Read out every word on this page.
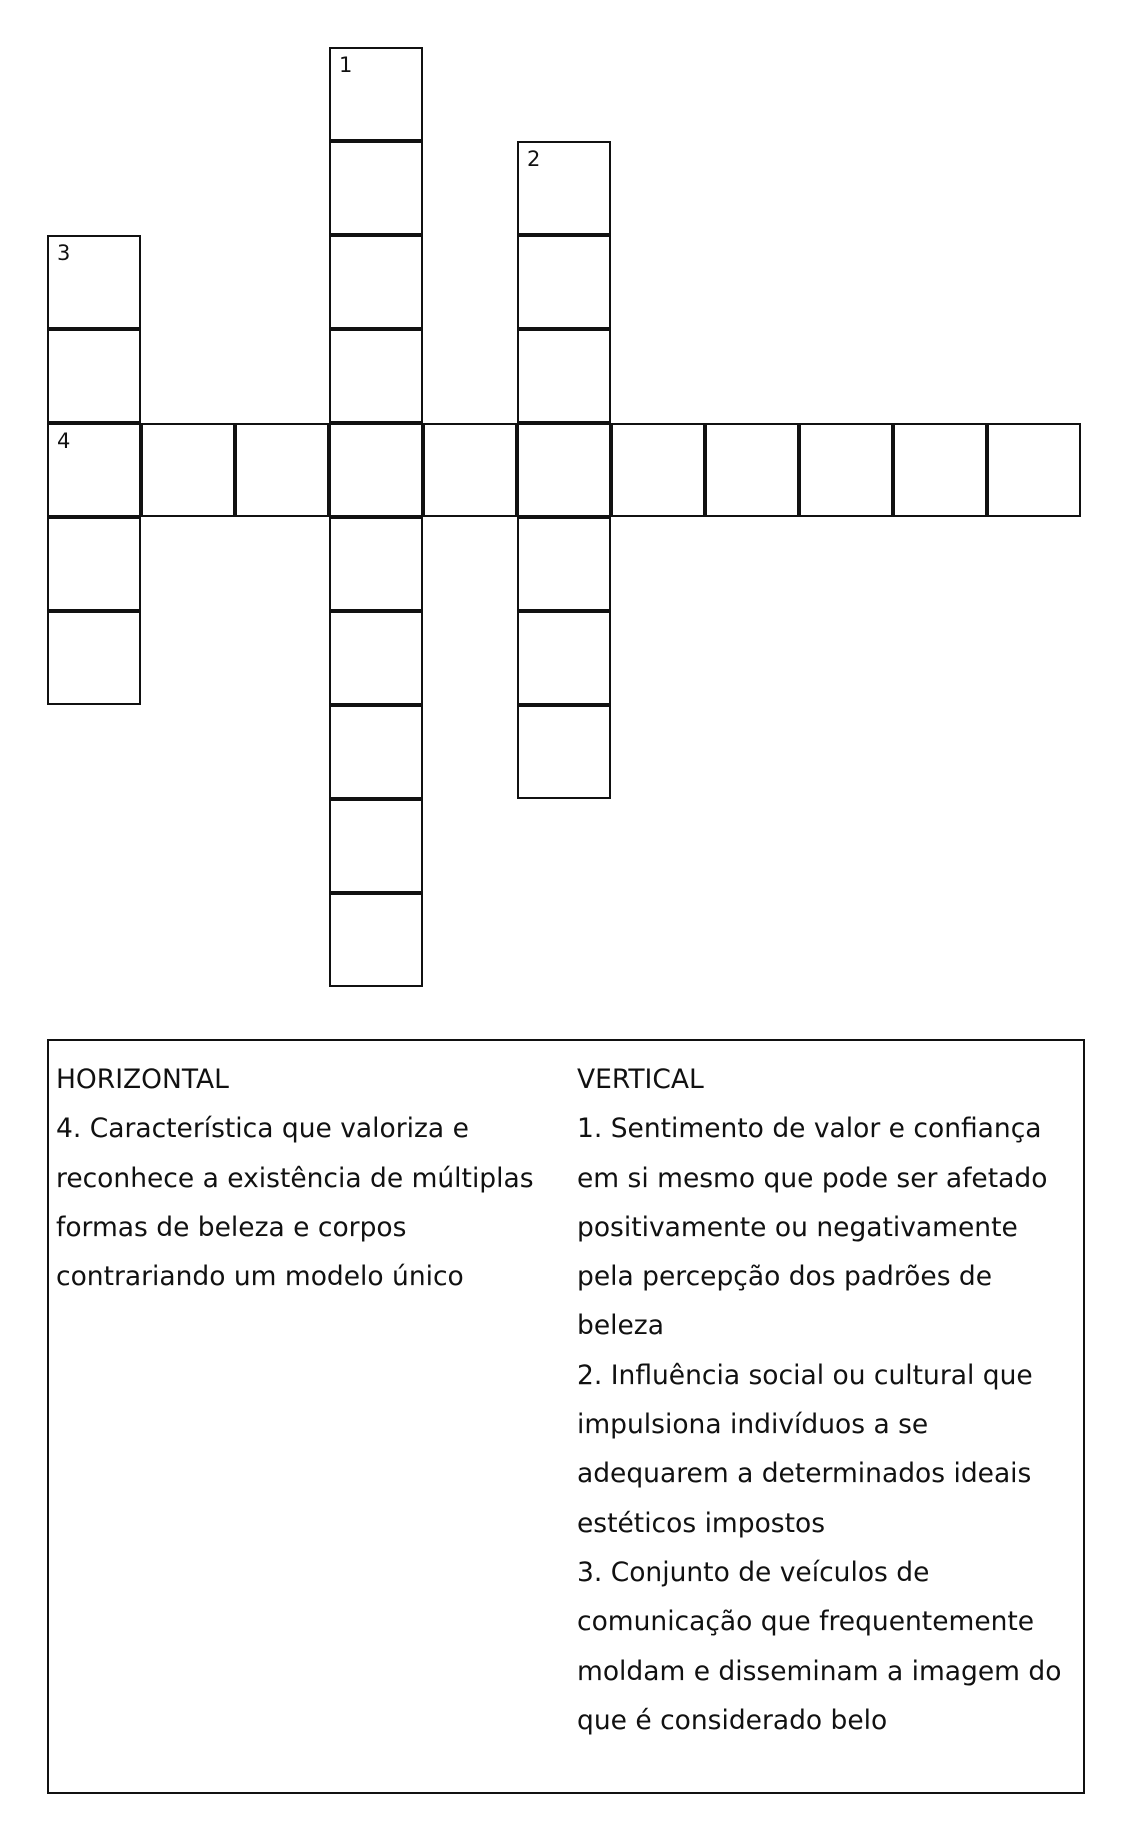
1
2
3
4
HORIZONTAL
4. Característica que valoriza e
reconhece a existência de múltiplas
formas de beleza e corpos
contrariando um modelo único
VERTICAL
1. Sentimento de valor e confiança
em si mesmo que pode ser afetado
positivamente ou negativamente
pela percepção dos padrões de
beleza
2. Influência social ou cultural que
impulsiona indivíduos a se
adequarem a determinados ideais
estéticos impostos
3. Conjunto de veículos de
comunicação que frequentemente
moldam e disseminam a imagem do
que é considerado belo
